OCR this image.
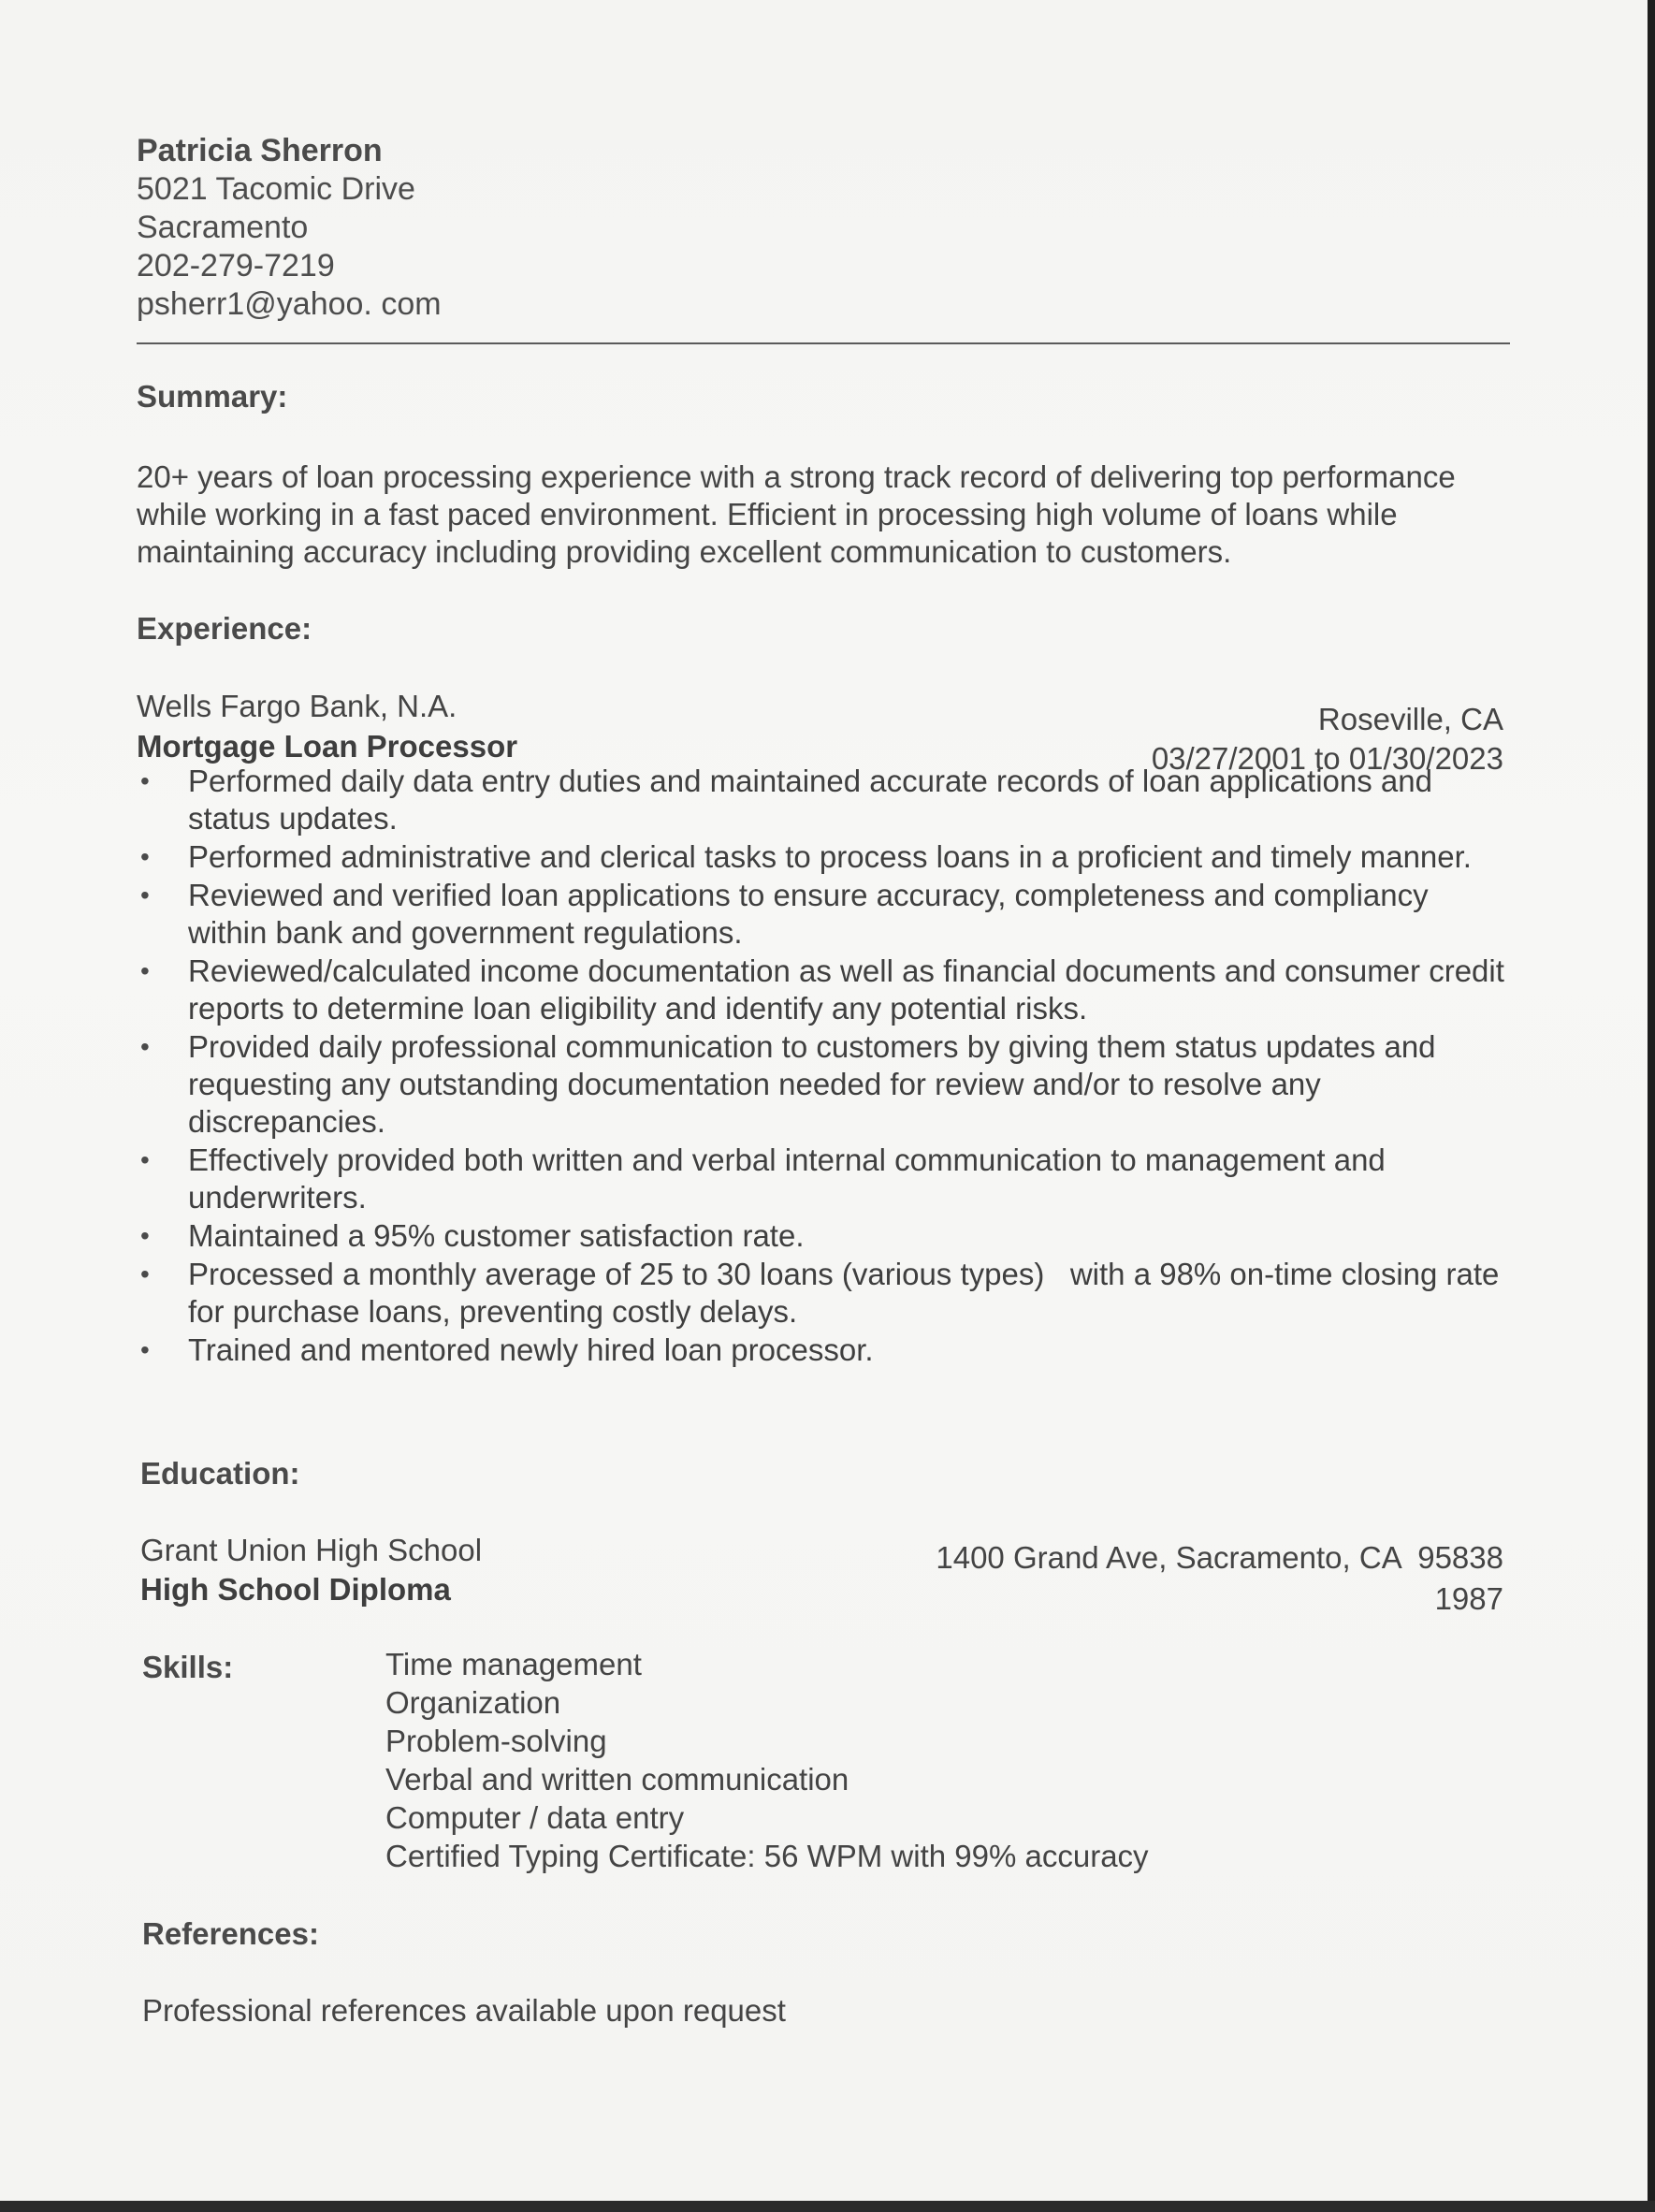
Patricia Sherron
5021 Tacomic Drive
Sacramento
202-279-7219
psherr1@yahoo. com
Summary:
20+ years of loan processing experience with a strong track record of delivering top performance while working in a fast paced environment. Efficient in processing high volume of loans while maintaining accuracy including providing excellent communication to customers.
Experience:
Wells Fargo Bank, N.A.	Roseville, CA
Mortgage Loan Processor	03/27/2001 to 01/30/2023
• Performed daily data entry duties and maintained accurate records of loan applications and status updates.
• Performed administrative and clerical tasks to process loans in a proficient and timely manner.
• Reviewed and verified loan applications to ensure accuracy, completeness and compliancy within bank and government regulations.
• Reviewed/calculated income documentation as well as financial documents and consumer credit reports to determine loan eligibility and identify any potential risks.
• Provided daily professional communication to customers by giving them status updates and requesting any outstanding documentation needed for review and/or to resolve any discrepancies.
• Effectively provided both written and verbal internal communication to management and underwriters.
• Maintained a 95% customer satisfaction rate.
• Processed a monthly average of 25 to 30 loans (various types)   with a 98% on-time closing rate for purchase loans, preventing costly delays.
• Trained and mentored newly hired loan processor.
Education:
Grant Union High School	1400 Grand Ave, Sacramento, CA  95838
High School Diploma	1987
Skills:	Time management
Organization
Problem-solving
Verbal and written communication
Computer / data entry
Certified Typing Certificate: 56 WPM with 99% accuracy
References:
Professional references available upon request
